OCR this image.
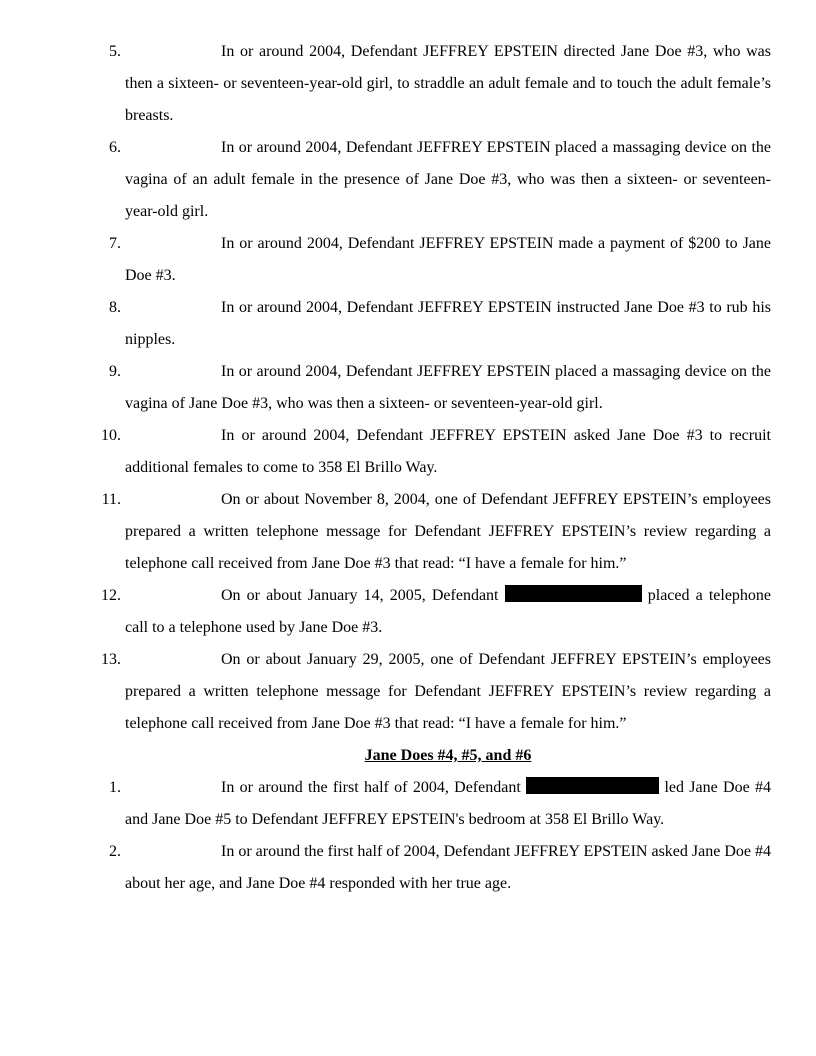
5.	In or around 2004, Defendant JEFFREY EPSTEIN directed Jane Doe #3, who was then a sixteen- or seventeen-year-old girl, to straddle an adult female and to touch the adult female’s breasts.

6.	In or around 2004, Defendant JEFFREY EPSTEIN placed a massaging device on the vagina of an adult female in the presence of Jane Doe #3, who was then a sixteen- or seventeen-year-old girl.

7.	In or around 2004, Defendant JEFFREY EPSTEIN made a payment of $200 to Jane Doe #3.

8.	In or around 2004, Defendant JEFFREY EPSTEIN instructed Jane Doe #3 to rub his nipples.

9.	In or around 2004, Defendant JEFFREY EPSTEIN placed a massaging device on the vagina of Jane Doe #3, who was then a sixteen- or seventeen-year-old girl.

10.	In or around 2004, Defendant JEFFREY EPSTEIN asked Jane Doe #3 to recruit additional females to come to 358 El Brillo Way.

11.	On or about November 8, 2004, one of Defendant JEFFREY EPSTEIN’s employees prepared a written telephone message for Defendant JEFFREY EPSTEIN’s review regarding a telephone call received from Jane Doe #3 that read: “I have a female for him.”

12.	On or about January 14, 2005, Defendant	placed a telephone call to a telephone used by Jane Doe #3.

13.	On or about January 29, 2005, one of Defendant JEFFREY EPSTEIN’s employees prepared a written telephone message for Defendant JEFFREY EPSTEIN’s review regarding a telephone call received from Jane Doe #3 that read: “I have a female for him.”

Jane Does #4, #5, and #6

1.	In or around the first half of 2004, Defendant	led Jane Doe #4 and Jane Doe #5 to Defendant JEFFREY EPSTEIN's bedroom at 358 El Brillo Way.

2.	In or around the first half of 2004, Defendant JEFFREY EPSTEIN asked Jane Doe #4 about her age, and Jane Doe #4 responded with her true age.
